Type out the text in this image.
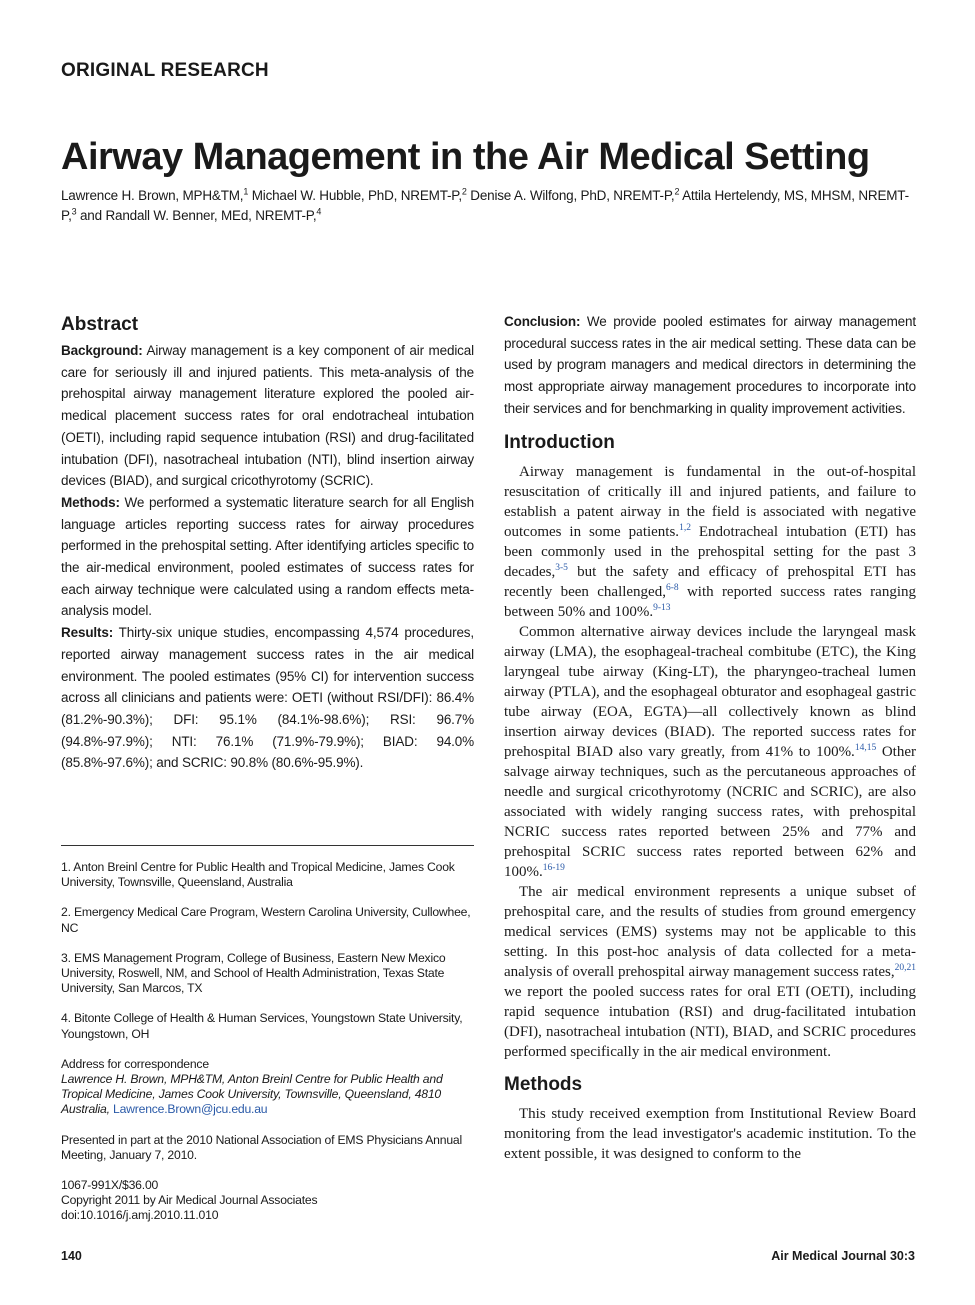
ORIGINAL RESEARCH
Airway Management in the Air Medical Setting
Lawrence H. Brown, MPH&TM,$^1$ Michael W. Hubble, PhD, NREMT-P,$^2$ Denise A. Wilfong, PhD, NREMT-P,$^2$ Attila Hertelendy, MS, MHSM, NREMT-P,$^3$ and Randall W. Benner, MEd, NREMT-P,$^4$
Abstract

Background: Airway management is a key component of air medical care for seriously ill and injured patients. This meta-analysis of the prehospital airway management literature explored the pooled air-medical placement success rates for oral endotracheal intubation (OETI), including rapid sequence intubation (RSI) and drug-facilitated intubation (DFI), nasotracheal intubation (NTI), blind insertion airway devices (BIAD), and surgical cricothyrotomy (SCRIC).

Methods: We performed a systematic literature search for all English language articles reporting success rates for airway procedures performed in the prehospital setting. After identifying articles specific to the air-medical environment, pooled estimates of success rates for each airway technique were calculated using a random effects meta-analysis model.

Results: Thirty-six unique studies, encompassing 4,574 procedures, reported airway management success rates in the air medical environment. The pooled estimates (95% CI) for intervention success across all clinicians and patients were: OETI (without RSI/DFI): 86.4% (81.2%-90.3%); DFI: 95.1% (84.1%-98.6%); RSI: 96.7% (94.8%-97.9%); NTI: 76.1% (71.9%-79.9%); BIAD: 94.0% (85.8%-97.6%); and SCRIC: 90.8% (80.6%-95.9%).

1. Anton Breinl Centre for Public Health and Tropical Medicine, James Cook University, Townsville, Queensland, Australia

2. Emergency Medical Care Program, Western Carolina University, Cullowhee, NC

3. EMS Management Program, College of Business, Eastern New Mexico University, Roswell, NM, and School of Health Administration, Texas State University, San Marcos, TX

4. Bitonte College of Health & Human Services, Youngstown State University, Youngstown, OH

Address for correspondence
Lawrence H. Brown, MPH&TM, Anton Breinl Centre for Public Health and Tropical Medicine, James Cook University, Townsville, Queensland, 4810 Australia, Lawrence.Brown@jcu.edu.au

Presented in part at the 2010 National Association of EMS Physicians Annual Meeting, January 7, 2010.

1067-991X/$36.00
Copyright 2011 by Air Medical Journal Associates
doi:10.1016/j.amj.2010.11.010

Conclusion: We provide pooled estimates for airway management procedural success rates in the air medical setting. These data can be used by program managers and medical directors in determining the most appropriate airway management procedures to incorporate into their services and for benchmarking in quality improvement activities.

Introduction

Airway management is fundamental in the out-of-hospital resuscitation of critically ill and injured patients, and failure to establish a patent airway in the field is associated with negative outcomes in some patients.$^{1,2}$ Endotracheal intubation (ETI) has been commonly used in the prehospital setting for the past 3 decades,$^{3-5}$ but the safety and efficacy of prehospital ETI has recently been challenged,$^{6-8}$ with reported success rates ranging between 50% and 100%.$^{9-13}$

Common alternative airway devices include the laryngeal mask airway (LMA), the esophageal-tracheal combitube (ETC), the King laryngeal tube airway (King-LT), the pharyngeo-tracheal lumen airway (PTLA), and the esophageal obturator and esophageal gastric tube airway (EOA, EGTA)—all collectively known as blind insertion airway devices (BIAD). The reported success rates for prehospital BIAD also vary greatly, from 41% to 100%.$^{14,15}$ Other salvage airway techniques, such as the percutaneous approaches of needle and surgical cricothyrotomy (NCRIC and SCRIC), are also associated with widely ranging success rates, with prehospital NCRIC success rates reported between 25% and 77% and prehospital SCRIC success rates reported between 62% and 100%.$^{16-19}$

The air medical environment represents a unique subset of prehospital care, and the results of studies from ground emergency medical services (EMS) systems may not be applicable to this setting. In this post-hoc analysis of data collected for a meta-analysis of overall prehospital airway management success rates,$^{20,21}$ we report the pooled success rates for oral ETI (OETI), including rapid sequence intubation (RSI) and drug-facilitated intubation (DFI), nasotracheal intubation (NTI), BIAD, and SCRIC procedures performed specifically in the air medical environment.

Methods

This study received exemption from Institutional Review Board monitoring from the lead investigator's academic institution. To the extent possible, it was designed to conform to the

140	Air Medical Journal 30:3
